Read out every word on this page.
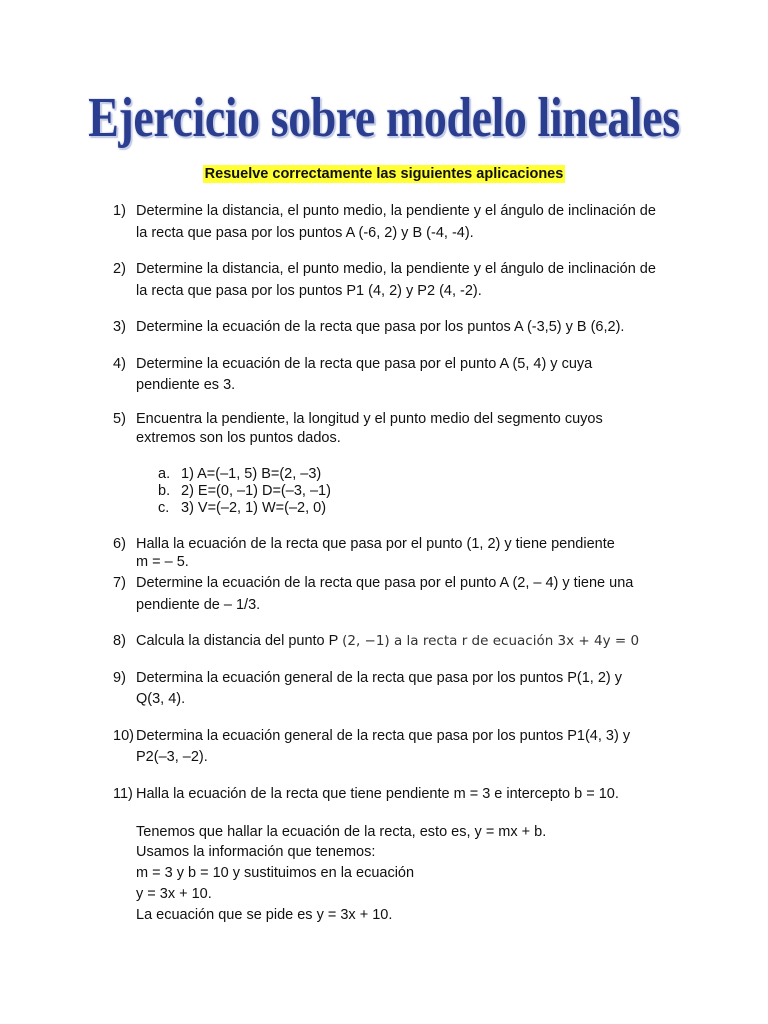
Ejercicio sobre modelo lineales
Resuelve correctamente las siguientes aplicaciones
1) Determine la distancia, el punto medio, la pendiente y el ángulo de inclinación de
la recta que pasa por los puntos A (-6, 2) y B (-4, -4).
2) Determine la distancia, el punto medio, la pendiente y el ángulo de inclinación de
la recta que pasa por los puntos P1 (4, 2) y P2 (4, -2).
3) Determine la ecuación de la recta que pasa por los puntos A (-3,5) y B (6,2).
4) Determine la ecuación de la recta que pasa por el punto A (5, 4) y cuya
pendiente es 3.
5) Encuentra la pendiente, la longitud y el punto medio del segmento cuyos
extremos son los puntos dados.
a. 1) A=(–1, 5) B=(2, –3)
b. 2) E=(0, –1) D=(–3, –1)
c. 3) V=(–2, 1) W=(–2, 0)
6) Halla la ecuación de la recta que pasa por el punto (1, 2) y tiene pendiente
m = – 5.
7) Determine la ecuación de la recta que pasa por el punto A (2, – 4) y tiene una
pendiente de – 1/3.
8) Calcula la distancia del punto P (2, −1) a la recta r de ecuación 3x + 4y = 0
9) Determina la ecuación general de la recta que pasa por los puntos P(1, 2) y
Q(3, 4).
10) Determina la ecuación general de la recta que pasa por los puntos P1(4, 3) y
P2(–3, –2).
11) Halla la ecuación de la recta que tiene pendiente m = 3 e intercepto b = 10.
Tenemos que hallar la ecuación de la recta, esto es, y = mx + b.
Usamos la información que tenemos:
m = 3 y b = 10 y sustituimos en la ecuación
y = 3x + 10.
La ecuación que se pide es y = 3x + 10.
